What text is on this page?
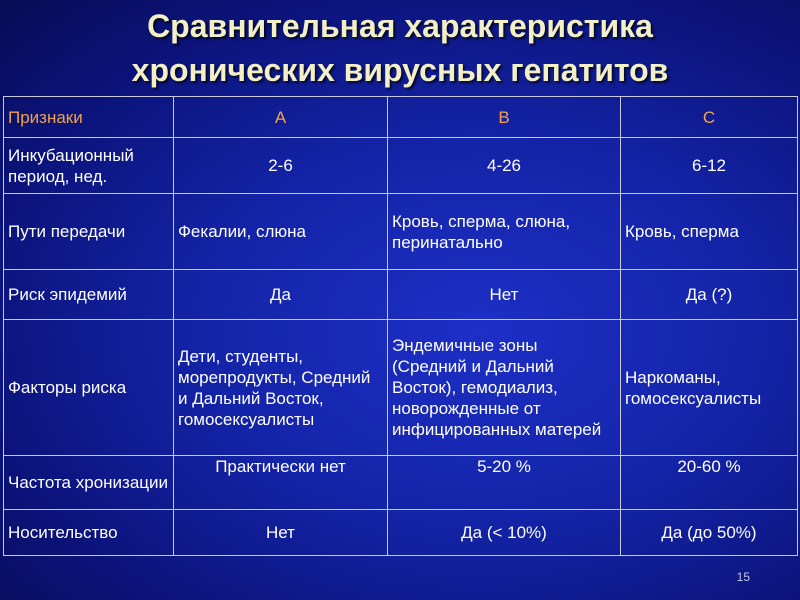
Сравнительная характеристика
хронических вирусных гепатитов
Признаки	А	В	С
Инкубационный период, нед.	2-6	4-26	6-12
Пути передачи	Фекалии, слюна	Кровь, сперма, слюна, перинатально	Кровь, сперма
Риск эпидемий	Да	Нет	Да (?)
Факторы риска	Дети, студенты, морепродукты, Средний и Дальний Восток, гомосексуалисты	Эндемичные зоны (Средний и Дальний Восток), гемодиализ, новорожденные от инфицированных матерей	Наркоманы, гомосексуалисты
Частота хронизации	Практически нет	5-20 %	20-60 %
Носительство	Нет	Да (< 10%)	Да (до 50%)
15
